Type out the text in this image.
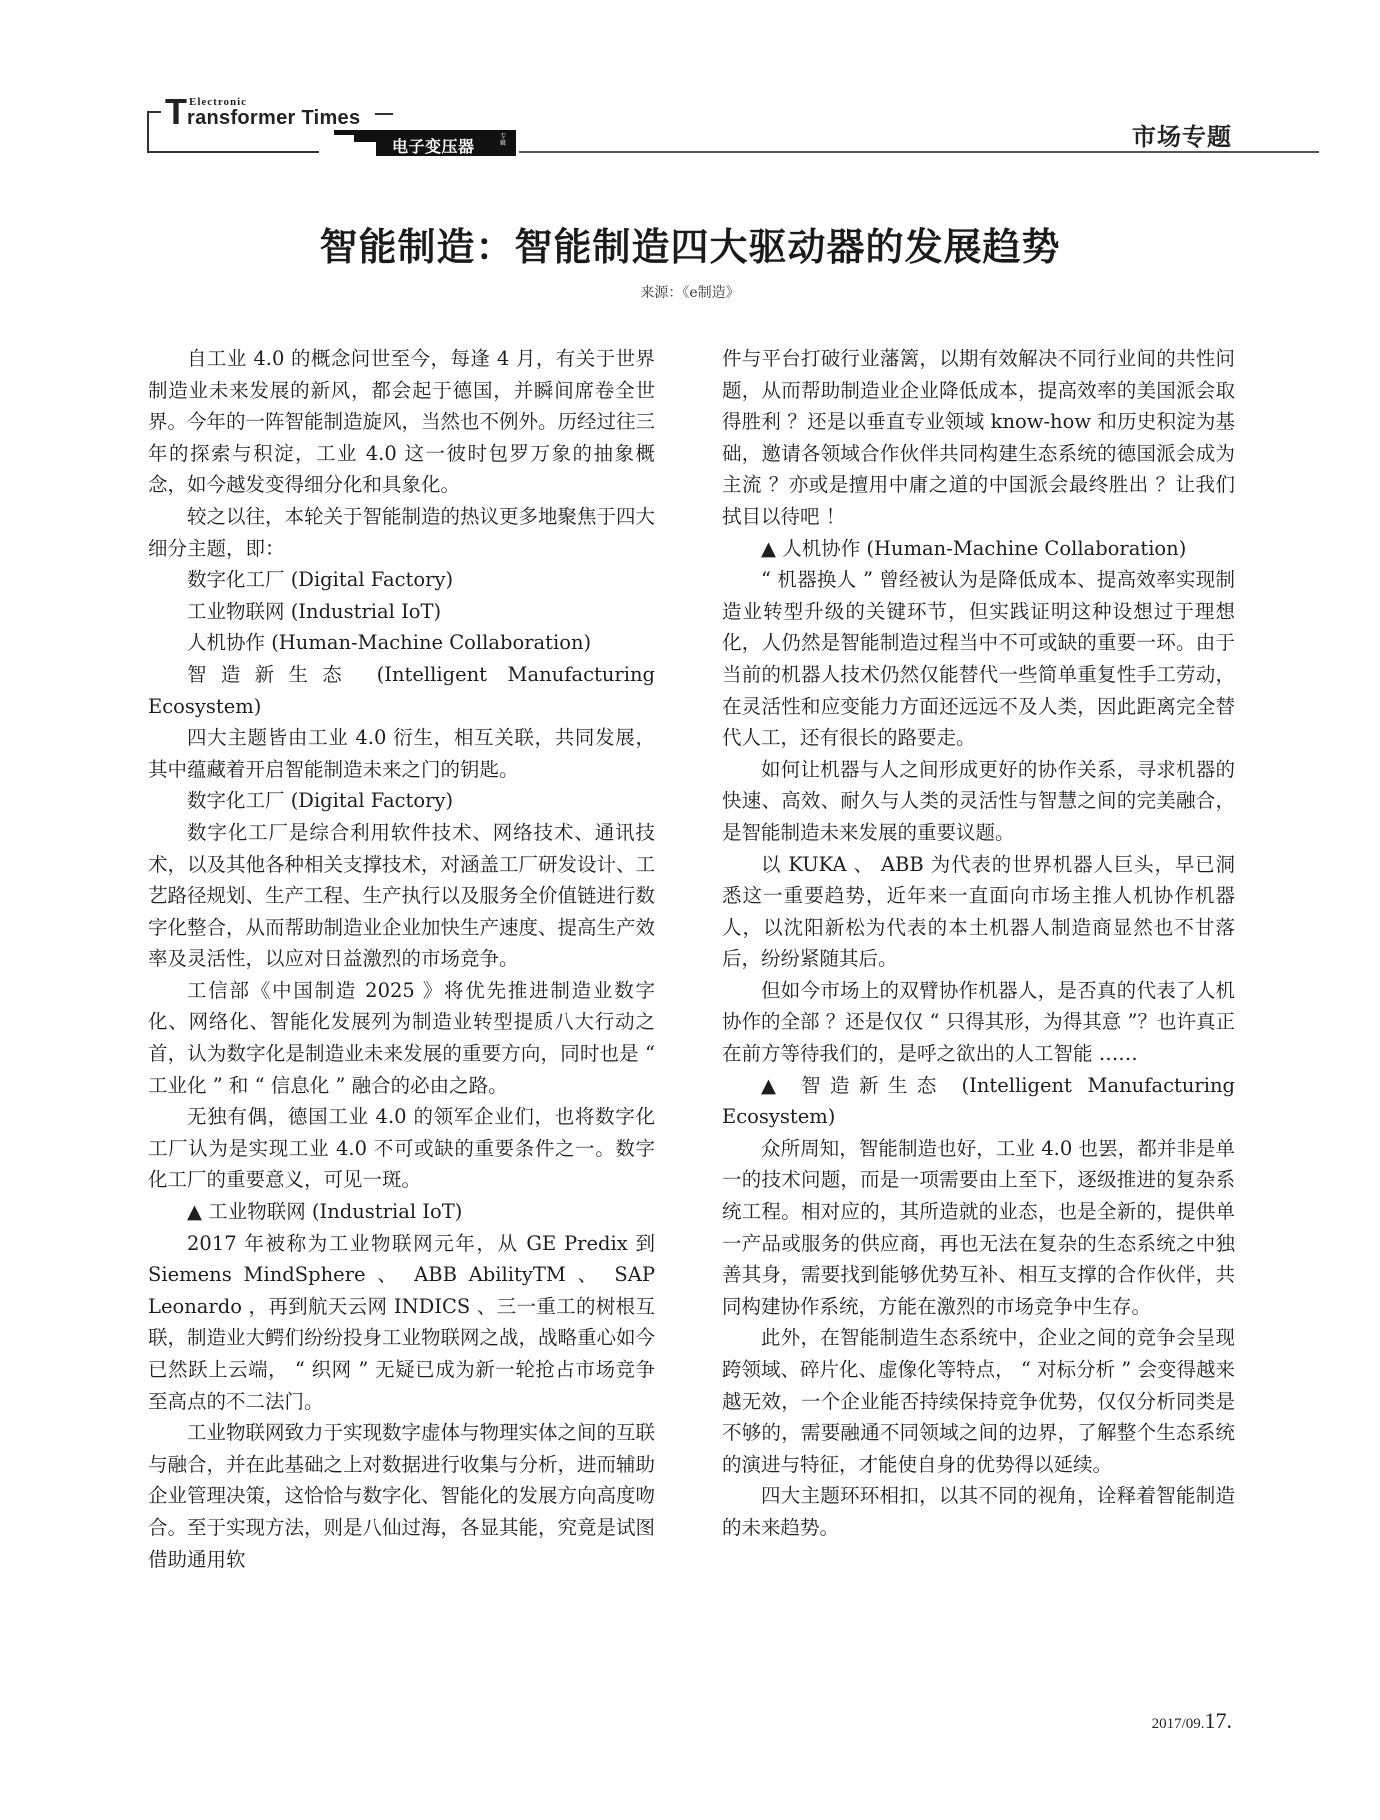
T Electronic
ransformer Times
电子变压器
专辑	市场专题
智能制造：智能制造四大驱动器的发展趋势
来源：《e制造》

自工业 4.0 的概念问世至今，每逢 4 月，有关于世界制造业未来发展的新风，都会起于德国，并瞬间席卷全世界。今年的一阵智能制造旋风，当然也不例外。历经过往三年的探索与积淀，工业 4.0 这一彼时包罗万象的抽象概念，如今越发变得细分化和具象化。

较之以往，本轮关于智能制造的热议更多地聚焦于四大细分主题，即：

数字化工厂 (Digital Factory)

工业物联网 (Industrial IoT)

人机协作 (Human-Machine Collaboration)

智造新生态 (Intelligent Manufacturing Ecosystem)

四大主题皆由工业 4.0 衍生，相互关联，共同发展，其中蕴藏着开启智能制造未来之门的钥匙。

数字化工厂 (Digital Factory)

数字化工厂是综合利用软件技术、网络技术、通讯技术，以及其他各种相关支撑技术，对涵盖工厂研发设计、工艺路径规划、生产工程、生产执行以及服务全价值链进行数字化整合，从而帮助制造业企业加快生产速度、提高生产效率及灵活性，以应对日益激烈的市场竞争。

工信部《中国制造 2025 》将优先推进制造业数字化、网络化、智能化发展列为制造业转型提质八大行动之首，认为数字化是制造业未来发展的重要方向，同时也是 “ 工业化 ” 和 “ 信息化 ” 融合的必由之路。

无独有偶，德国工业 4.0 的领军企业们，也将数字化工厂认为是实现工业 4.0 不可或缺的重要条件之一。数字化工厂的重要意义，可见一斑。

▲ 工业物联网 (Industrial IoT)

2017 年被称为工业物联网元年，从 GE Predix 到 Siemens MindSphere 、 ABB AbilityTM 、 SAP Leonardo ，再到航天云网 INDICS 、三一重工的树根互联，制造业大鳄们纷纷投身工业物联网之战，战略重心如今已然跃上云端， “ 织网 ” 无疑已成为新一轮抢占市场竞争至高点的不二法门。

工业物联网致力于实现数字虚体与物理实体之间的互联与融合，并在此基础之上对数据进行收集与分析，进而辅助企业管理决策，这恰恰与数字化、智能化的发展方向高度吻合。至于实现方法，则是八仙过海，各显其能，究竟是试图借助通用软

件与平台打破行业藩篱，以期有效解决不同行业间的共性问题，从而帮助制造业企业降低成本，提高效率的美国派会取得胜利 ？还是以垂直专业领域 know-how 和历史积淀为基础，邀请各领域合作伙伴共同构建生态系统的德国派会成为主流 ？亦或是擅用中庸之道的中国派会最终胜出 ？让我们拭目以待吧 ！

▲ 人机协作 (Human-Machine Collaboration)

“ 机器换人 ” 曾经被认为是降低成本、提高效率实现制造业转型升级的关键环节，但实践证明这种设想过于理想化，人仍然是智能制造过程当中不可或缺的重要一环。由于当前的机器人技术仍然仅能替代一些简单重复性手工劳动，在灵活性和应变能力方面还远远不及人类，因此距离完全替代人工，还有很长的路要走。

如何让机器与人之间形成更好的协作关系，寻求机器的快速、高效、耐久与人类的灵活性与智慧之间的完美融合，是智能制造未来发展的重要议题。

以 KUKA 、 ABB 为代表的世界机器人巨头，早已洞悉这一重要趋势，近年来一直面向市场主推人机协作机器人，以沈阳新松为代表的本土机器人制造商显然也不甘落后，纷纷紧随其后。

但如今市场上的双臂协作机器人，是否真的代表了人机协作的全部 ？还是仅仅 “ 只得其形，为得其意 ”？也许真正在前方等待我们的，是呼之欲出的人工智能 ……

▲ 智造新生态 (Intelligent Manufacturing Ecosystem)

众所周知，智能制造也好，工业 4.0 也罢，都并非是单一的技术问题，而是一项需要由上至下，逐级推进的复杂系统工程。相对应的，其所造就的业态，也是全新的，提供单一产品或服务的供应商，再也无法在复杂的生态系统之中独善其身，需要找到能够优势互补、相互支撑的合作伙伴，共同构建协作系统，方能在激烈的市场竞争中生存。

此外，在智能制造生态系统中，企业之间的竞争会呈现跨领域、碎片化、虚像化等特点， “ 对标分析 ” 会变得越来越无效，一个企业能否持续保持竞争优势，仅仅分析同类是不够的，需要融通不同领域之间的边界，了解整个生态系统的演进与特征，才能使自身的优势得以延续。

四大主题环环相扣，以其不同的视角，诠释着智能制造的未来趋势。

2017/09.17.
